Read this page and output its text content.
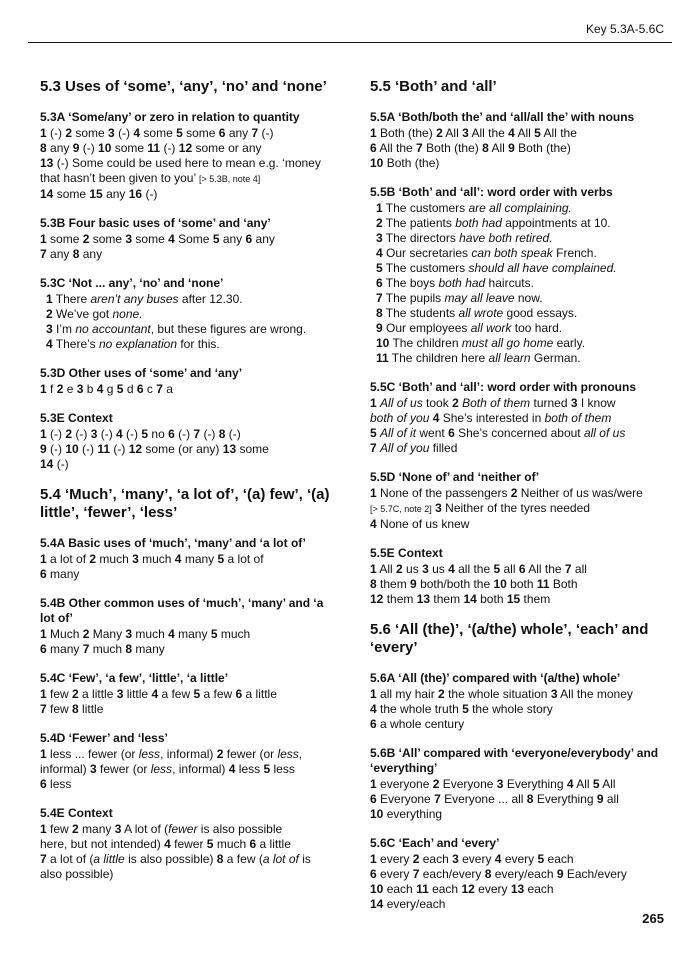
Key 5.3A-5.6C
5.3 Uses of ‘some’, ‘any’, ‘no’ and ‘none’
5.3A ‘Some/any’ or zero in relation to quantity
1 (-) 2 some 3 (-) 4 some 5 some 6 any 7 (-)
8 any 9 (-) 10 some 11 (-) 12 some or any
13 (-) Some could be used here to mean e.g. ‘money
that hasn’t been given to you’ [> 5.3B, note 4]
14 some 15 any 16 (-)
5.3B Four basic uses of ‘some’ and ‘any’
1 some 2 some 3 some 4 Some 5 any 6 any
7 any 8 any
5.3C ‘Not ... any’, ‘no’ and ‘none’
1 There aren’t any buses after 12.30.
2 We’ve got none.
3 I’m no accountant, but these figures are wrong.
4 There’s no explanation for this.
5.3D Other uses of ‘some’ and ‘any’
1 f 2 e 3 b 4 g 5 d 6 c 7 a
5.3E Context
1 (-) 2 (-) 3 (-) 4 (-) 5 no 6 (-) 7 (-) 8 (-)
9 (-) 10 (-) 11 (-) 12 some (or any) 13 some
14 (-)
5.4 ‘Much’, ‘many’, ‘a lot of’, ‘(a) few’, ‘(a) little’, ‘fewer’, ‘less’
5.4A Basic uses of ‘much’, ‘many’ and ‘a lot of’
1 a lot of 2 much 3 much 4 many 5 a lot of
6 many
5.4B Other common uses of ‘much’, ‘many’ and ‘a lot of’
1 Much 2 Many 3 much 4 many 5 much
6 many 7 much 8 many
5.4C ‘Few’, ‘a few’, ‘little’, ‘a little’
1 few 2 a little 3 little 4 a few 5 a few 6 a little
7 few 8 little
5.4D ‘Fewer’ and ‘less’
1 less ... fewer (or less, informal) 2 fewer (or less,
informal) 3 fewer (or less, informal) 4 less 5 less
6 less
5.4E Context
1 few 2 many 3 A lot of (fewer is also possible
here, but not intended) 4 fewer 5 much 6 a little
7 a lot of (a little is also possible) 8 a few (a lot of is
also possible)
5.5 ‘Both’ and ‘all’
5.5A ‘Both/both the’ and ‘all/all the’ with nouns
1 Both (the) 2 All 3 All the 4 All 5 All the
6 All the 7 Both (the) 8 All 9 Both (the)
10 Both (the)
5.5B ‘Both’ and ‘all’: word order with verbs
1 The customers are all complaining.
2 The patients both had appointments at 10.
3 The directors have both retired.
4 Our secretaries can both speak French.
5 The customers should all have complained.
6 The boys both had haircuts.
7 The pupils may all leave now.
8 The students all wrote good essays.
9 Our employees all work too hard.
10 The children must all go home early.
11 The children here all learn German.
5.5C ‘Both’ and ‘all’: word order with pronouns
1 All of us took 2 Both of them turned 3 I know
both of you 4 She’s interested in both of them
5 All of it went 6 She’s concerned about all of us
7 All of you filled
5.5D ‘None of’ and ‘neither of’
1 None of the passengers 2 Neither of us was/were
[> 5.7C, note 2] 3 Neither of the tyres needed
4 None of us knew
5.5E Context
1 All 2 us 3 us 4 all the 5 all 6 All the 7 all
8 them 9 both/both the 10 both 11 Both
12 them 13 them 14 both 15 them
5.6 ‘All (the)’, ‘(a/the) whole’, ‘each’ and ‘every’
5.6A ‘All (the)’ compared with ‘(a/the) whole’
1 all my hair 2 the whole situation 3 All the money
4 the whole truth 5 the whole story
6 a whole century
5.6B ‘All’ compared with ‘everyone/everybody’ and ‘everything’
1 everyone 2 Everyone 3 Everything 4 All 5 All
6 Everyone 7 Everyone ... all 8 Everything 9 all
10 everything
5.6C ‘Each’ and ‘every’
1 every 2 each 3 every 4 every 5 each
6 every 7 each/every 8 every/each 9 Each/every
10 each 11 each 12 every 13 each
14 every/each
265
